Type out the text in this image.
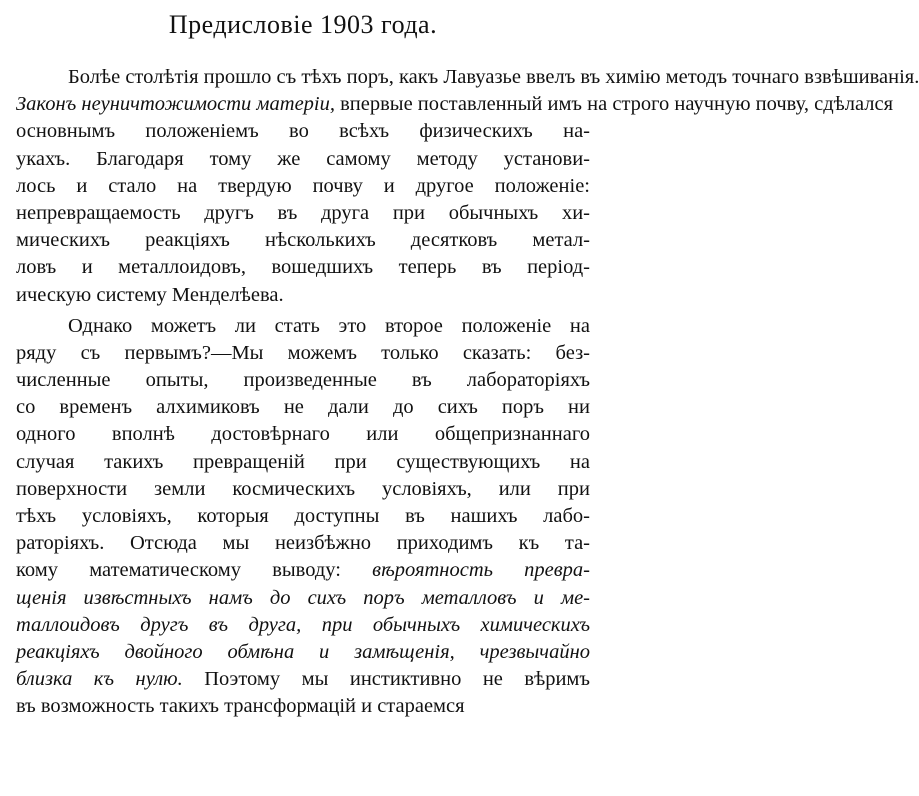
Предисловіе 1903 года.
Болѣе столѣтія прошло съ тѣхъ поръ, какъ Лавуазье ввелъ въ химію методъ точнаго взвѣшиванія.
Законъ неуничтожимости матеріи, впервые поставленный имъ на строго научную почву, сдѣлался
основнымъ положеніемъ во всѣхъ физическихъ на-
укахъ. Благодаря тому же самому методу установи-
лось и стало на твердую почву и другое положеніе:
непревращаемость другъ въ друга при обычныхъ хи-
мическихъ реакціяхъ нѣсколькихъ десятковъ метал-
ловъ и металлоидовъ, вошедшихъ теперь въ період-
ическую систему Менделѣева.
Однако можетъ ли стать это второе положеніе на
ряду съ первымъ?—Мы можемъ только сказать: без-
численные опыты, произведенные въ лабораторіяхъ
со временъ алхимиковъ не дали до сихъ поръ ни
одного вполнѣ достовѣрнаго или общепризнаннаго
случая такихъ превращеній при существующихъ на
поверхности земли космическихъ условіяхъ, или при
тѣхъ условіяхъ, которыя доступны въ нашихъ лабо-
раторіяхъ. Отсюда мы неизбѣжно приходимъ къ та-
кому математическому выводу: вѣроятность превра-
щенія извѣстныхъ намъ до сихъ поръ металловъ и ме-
таллоидовъ другъ въ друга, при обычныхъ химическихъ
реакціяхъ двойного обмѣна и замѣщенія, чрезвычайно
близка къ нулю. Поэтому мы инстиктивно не вѣримъ
въ возможность такихъ трансформацій и стараемся
